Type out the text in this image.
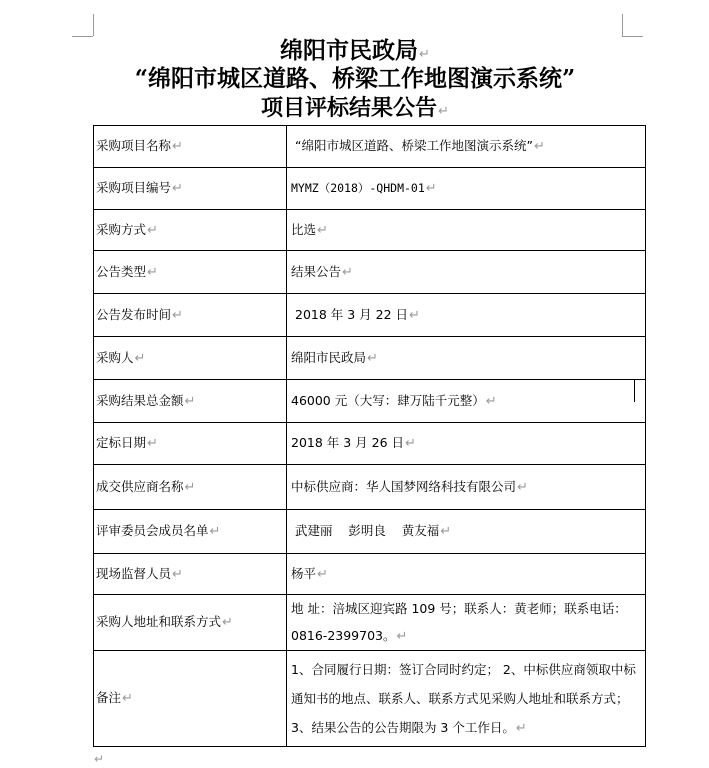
绵阳市民政局↵
“绵阳市城区道路、桥梁工作地图演示系统”
项目评标结果公告↵
采购项目名称↵	“绵阳市城区道路、桥梁工作地图演示系统”↵
采购项目编号↵	MYMZ（2018）-QHDM-01↵
采购方式↵	比选↵
公告类型↵	结果公告↵
公告发布时间↵	2018 年 3 月 22 日↵
采购人↵	绵阳市民政局↵
采购结果总金额↵	46000 元（大写：肆万陆千元整）↵
定标日期↵	2018 年 3 月 26 日↵
成交供应商名称↵	中标供应商：华人国梦网络科技有限公司↵
评审委员会成员名单↵	武建丽    彭明良    黄友福↵
现场监督人员↵	杨平↵
采购人地址和联系方式↵	地 址：涪城区迎宾路 109 号；联系人：黄老师；联系电话：0816-2399703。↵
备注↵	1、合同履行日期：签订合同时约定； 2、中标供应商领取中标通知书的地点、联系人、联系方式见采购人地址和联系方式；3、结果公告的公告期限为 3 个工作日。↵
↵
